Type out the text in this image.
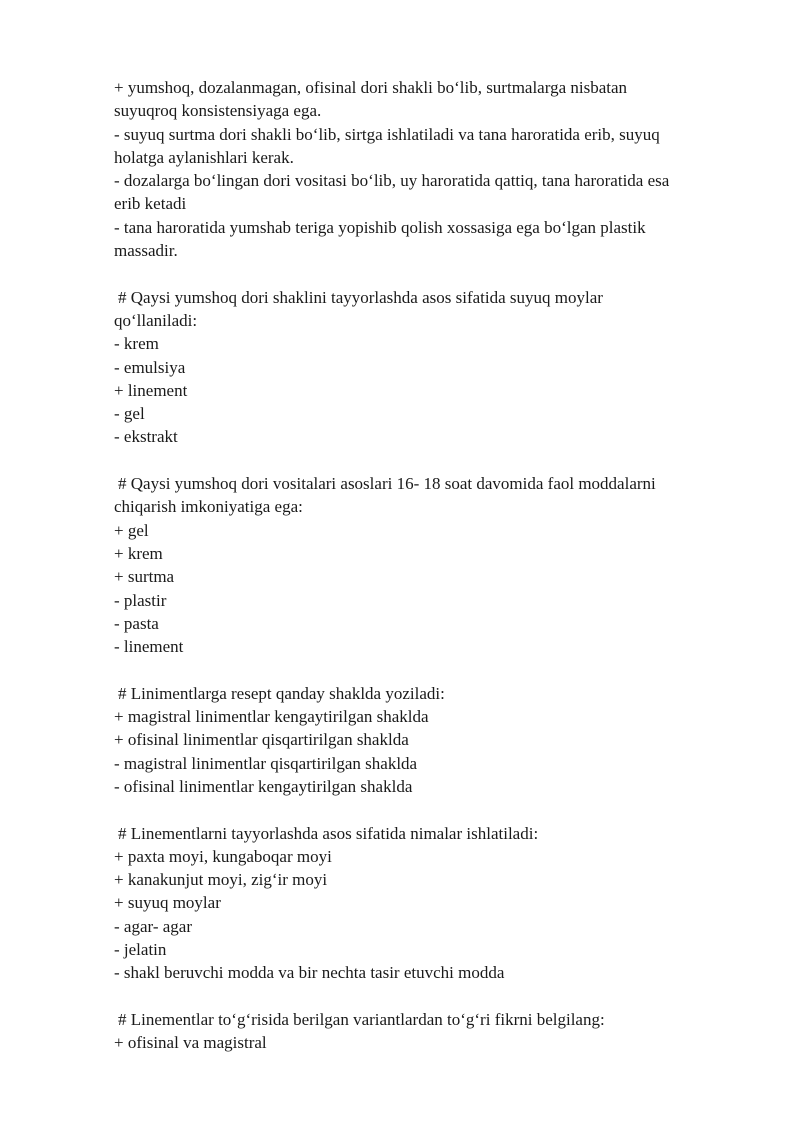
+ yumshoq, dozalanmagan, ofisinal dori shakli bo‘lib, surtmalarga nisbatan
suyuqroq konsistensiyaga ega.
- suyuq surtma dori shakli bo‘lib, sirtga ishlatiladi va tana haroratida erib, suyuq
holatga aylanishlari kerak.
- dozalarga bo‘lingan dori vositasi bo‘lib, uy haroratida qattiq, tana haroratida esa
erib ketadi
- tana haroratida yumshab teriga yopishib qolish xossasiga ega bo‘lgan plastik
massadir.
# Qaysi yumshoq dori shaklini tayyorlashda asos sifatida suyuq moylar
qo‘llaniladi:
- krem
- emulsiya
+ linement
- gel
- ekstrakt
# Qaysi yumshoq dori vositalari asoslari 16- 18 soat davomida faol moddalarni
chiqarish imkoniyatiga ega:
+ gel
+ krem
+ surtma
- plastir
- pasta
- linement
# Linimentlarga resept qanday shaklda yoziladi:
+ magistral linimentlar kengaytirilgan shaklda
+ ofisinal linimentlar qisqartirilgan shaklda
- magistral linimentlar qisqartirilgan shaklda
- ofisinal linimentlar kengaytirilgan shaklda
# Linementlarni tayyorlashda asos sifatida nimalar ishlatiladi:
+ paxta moyi, kungaboqar moyi
+ kanakunjut moyi, zig‘ir moyi
+ suyuq moylar
- agar- agar
- jelatin
- shakl beruvchi modda va bir nechta tasir etuvchi modda
# Linementlar to‘g‘risida berilgan variantlardan to‘g‘ri fikrni belgilang:
+ ofisinal va magistral
